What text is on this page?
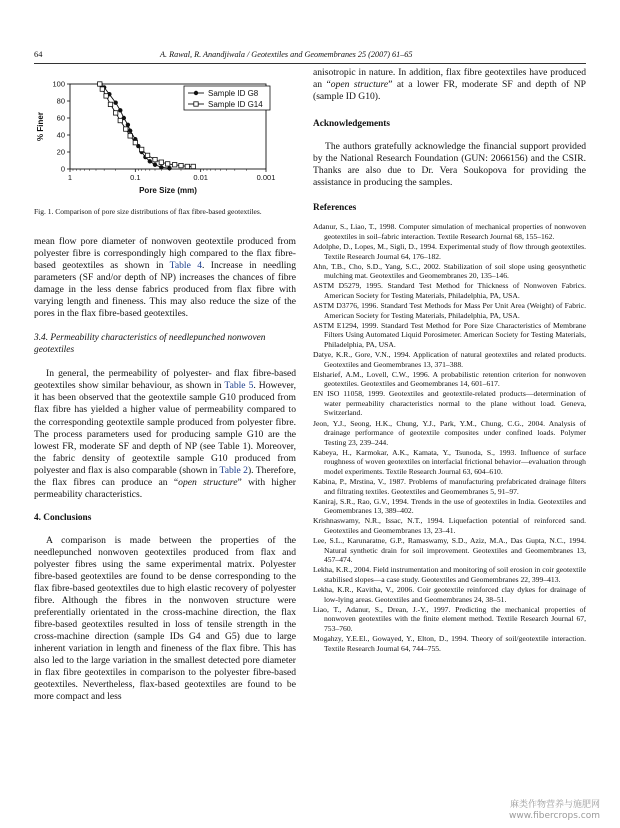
64	A. Rawal, R. Anandjiwala / Geotextiles and Geomembranes 25 (2007) 61–65
0
20
40
60
80
100
1	0.1	0.01	0.001
Pore Size (mm)
% Finer
Sample ID G8
Sample ID G14

Fig. 1. Comparison of pore size distributions of flax fibre-based geotextiles.

mean flow pore diameter of nonwoven geotextile produced from polyester fibre is correspondingly high compared to the flax fibre-based geotextiles as shown in Table 4. Increase in needling parameters (SF and/or depth of NP) increases the chances of fibre damage in the less dense fabrics produced from flax fibre with varying length and fineness. This may also reduce the size of the pores in the flax fibre-based geotextiles.

3.4. Permeability characteristics of needlepunched nonwoven geotextiles

In general, the permeability of polyester- and flax fibre-based geotextiles show similar behaviour, as shown in Table 5. However, it has been observed that the geotextile sample G10 produced from flax fibre has yielded a higher value of permeability compared to the corresponding geotextile sample produced from polyester fibre. The process parameters used for producing sample G10 are the lowest FR, moderate SF and depth of NP (see Table 1). Moreover, the fabric density of geotextile sample G10 produced from polyester and flax is also comparable (shown in Table 2). Therefore, the flax fibres can produce an “open structure” with higher permeability characteristics.

4. Conclusions

A comparison is made between the properties of the needlepunched nonwoven geotextiles produced from flax and polyester fibres using the same experimental matrix. Polyester fibre-based geotextiles are found to be dense corresponding to the flax fibre-based geotextiles due to high elastic recovery of polyester fibre. Although the fibres in the nonwoven structure were preferentially orientated in the cross-machine direction, the flax fibre-based geotextiles resulted in loss of tensile strength in the cross-machine direction (sample IDs G4 and G5) due to large inherent variation in length and fineness of the flax fibre. This has also led to the large variation in the smallest detected pore diameter in flax fibre geotextiles in comparison to the polyester fibre-based geotextiles. Nevertheless, flax-based geotextiles are found to be more compact and less

anisotropic in nature. In addition, flax fibre geotextiles have produced an “open structure” at a lower FR, moderate SF and depth of NP (sample ID G10).

Acknowledgements

The authors gratefully acknowledge the financial support provided by the National Research Foundation (GUN: 2066156) and the CSIR. Thanks are also due to Dr. Vera Soukopova for providing the assistance in producing the samples.

References

Adanur, S., Liao, T., 1998. Computer simulation of mechanical properties of nonwoven geotextiles in soil–fabric interaction. Textile Research Journal 68, 155–162.
Adolphe, D., Lopes, M., Sigli, D., 1994. Experimental study of flow through geotextiles. Textile Research Journal 64, 176–182.
Ahn, T.B., Cho, S.D., Yang, S.C., 2002. Stabilization of soil slope using geosynthetic mulching mat. Geotextiles and Geomembranes 20, 135–146.
ASTM D5279, 1995. Standard Test Method for Thickness of Nonwoven Fabrics. American Society for Testing Materials, Philadelphia, PA, USA.
ASTM D3776, 1996. Standard Test Methods for Mass Per Unit Area (Weight) of Fabric. American Society for Testing Materials, Philadelphia, PA, USA.
ASTM E1294, 1999. Standard Test Method for Pore Size Characteristics of Membrane Filters Using Automated Liquid Porosimeter. American Society for Testing Materials, Philadelphia, PA, USA.
Datye, K.R., Gore, V.N., 1994. Application of natural geotextiles and related products. Geotextiles and Geomembranes 13, 371–388.
Elsharief, A.M., Lovell, C.W., 1996. A probabilistic retention criterion for nonwoven geotextiles. Geotextiles and Geomembranes 14, 601–617.
EN ISO 11058, 1999. Geotextiles and geotextile-related products—determination of water permeability characteristics normal to the plane without load. Geneva, Switzerland.
Jeon, Y.J., Seong, H.K., Chung, Y.J., Park, Y.M., Chung, C.G., 2004. Analysis of drainage performance of geotextile composites under confined loads. Polymer Testing 23, 239–244.
Kabeya, H., Karmokar, A.K., Kamata, Y., Tsunoda, S., 1993. Influence of surface roughness of woven geotextiles on interfacial frictional behavior—evaluation through model experiments. Textile Research Journal 63, 604–610.
Kabina, P., Mrstina, V., 1987. Problems of manufacturing prefabricated drainage filters and filtrating textiles. Geotextiles and Geomembranes 5, 91–97.
Kaniraj, S.R., Rao, G.V., 1994. Trends in the use of geotextiles in India. Geotextiles and Geomembranes 13, 389–402.
Krishnaswamy, N.R., Issac, N.T., 1994. Liquefaction potential of reinforced sand. Geotextiles and Geomembranes 13, 23–41.
Lee, S.L., Karunaratne, G.P., Ramaswamy, S.D., Aziz, M.A., Das Gupta, N.C., 1994. Natural synthetic drain for soil improvement. Geotextiles and Geomembranes 13, 457–474.
Lekha, K.R., 2004. Field instrumentation and monitoring of soil erosion in coir geotextile stabilised slopes—a case study. Geotextiles and Geomembranes 22, 399–413.
Lekha, K.R., Kavitha, V., 2006. Coir geotextile reinforced clay dykes for drainage of low-lying areas. Geotextiles and Geomembranes 24, 38–51.
Liao, T., Adanur, S., Drean, J.-Y., 1997. Predicting the mechanical properties of nonwoven geotextiles with the finite element method. Textile Research Journal 67, 753–760.
Mogahzy, Y.E.El., Gowayed, Y., Elton, D., 1994. Theory of soil/geotextile interaction. Textile Research Journal 64, 744–755.
麻类作物营养与施肥网
www.fibercrops.com
